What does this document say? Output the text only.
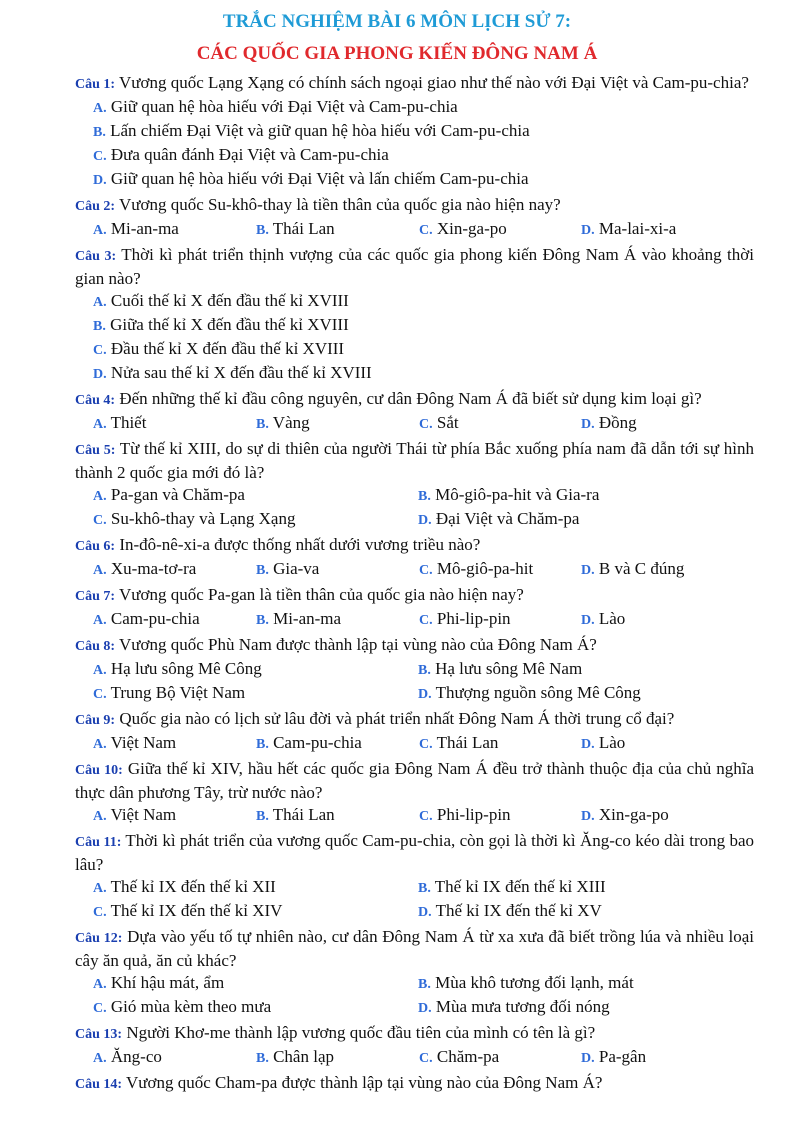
TRẮC NGHIỆM BÀI 6 MÔN LỊCH SỬ 7:
CÁC QUỐC GIA PHONG KIẾN ĐÔNG NAM Á
Câu 1: Vương quốc Lạng Xạng có chính sách ngoại giao như thế nào với Đại Việt và Cam-pu-chia?
A. Giữ quan hệ hòa hiếu với Đại Việt và Cam-pu-chia
B. Lấn chiếm Đại Việt và giữ quan hệ hòa hiếu với Cam-pu-chia
C. Đưa quân đánh Đại Việt và Cam-pu-chia
D. Giữ quan hệ hòa hiếu với Đại Việt và lấn chiếm Cam-pu-chia
Câu 2: Vương quốc Su-khô-thay là tiền thân của quốc gia nào hiện nay?
A. Mi-an-ma	B. Thái Lan	C. Xin-ga-po	D. Ma-lai-xi-a
Câu 3: Thời kì phát triển thịnh vượng của các quốc gia phong kiến Đông Nam Á vào khoảng thời gian nào?
A. Cuối thế kỉ X đến đầu thế kỉ XVIII
B. Giữa thế kỉ X đến đầu thế kỉ XVIII
C. Đầu thế kỉ X đến đầu thế kỉ XVIII
D. Nửa sau thế kỉ X đến đầu thế kỉ XVIII
Câu 4: Đến những thế kỉ đầu công nguyên, cư dân Đông Nam Á đã biết sử dụng kim loại gì?
A. Thiết	B. Vàng	C. Sắt	D. Đồng
Câu 5: Từ thế kỉ XIII, do sự di thiên của người Thái từ phía Bắc xuống phía nam đã dẫn tới sự hình thành 2 quốc gia mới đó là?
A. Pa-gan và Chăm-pa	B. Mô-giô-pa-hit và Gia-ra
C. Su-khô-thay và Lạng Xạng	D. Đại Việt và Chăm-pa
Câu 6: In-đô-nê-xi-a được thống nhất dưới vương triều nào?
A. Xu-ma-tơ-ra	B. Gia-va	C. Mô-giô-pa-hit	D. B và C đúng
Câu 7: Vương quốc Pa-gan là tiền thân của quốc gia nào hiện nay?
A. Cam-pu-chia	B. Mi-an-ma	C. Phi-lip-pin	D. Lào
Câu 8: Vương quốc Phù Nam được thành lập tại vùng nào của Đông Nam Á?
A. Hạ lưu sông Mê Công	B. Hạ lưu sông Mê Nam
C. Trung Bộ Việt Nam	D. Thượng nguồn sông Mê Công
Câu 9: Quốc gia nào có lịch sử lâu đời và phát triển nhất Đông Nam Á thời trung cổ đại?
A. Việt Nam	B. Cam-pu-chia	C. Thái Lan	D. Lào
Câu 10: Giữa thế kỉ XIV, hầu hết các quốc gia Đông Nam Á đều trở thành thuộc địa của chủ nghĩa thực dân phương Tây, trừ nước nào?
A. Việt Nam	B. Thái Lan	C. Phi-lip-pin	D. Xin-ga-po
Câu 11: Thời kì phát triển của vương quốc Cam-pu-chia, còn gọi là thời kì Ăng-co kéo dài trong bao lâu?
A. Thế kỉ IX đến thế kỉ XII	B. Thế kỉ IX đến thế kỉ XIII
C. Thế kỉ IX đến thế kỉ XIV	D. Thế kỉ IX đến thế kỉ XV
Câu 12: Dựa vào yếu tố tự nhiên nào, cư dân Đông Nam Á từ xa xưa đã biết trồng lúa và nhiều loại cây ăn quả, ăn củ khác?
A. Khí hậu mát, ẩm	B. Mùa khô tương đối lạnh, mát
C. Gió mùa kèm theo mưa	D. Mùa mưa tương đối nóng
Câu 13: Người Khơ-me thành lập vương quốc đầu tiên của mình có tên là gì?
A. Ăng-co	B. Chân lạp	C. Chăm-pa	D. Pa-gân
Câu 14: Vương quốc Cham-pa được thành lập tại vùng nào của Đông Nam Á?
